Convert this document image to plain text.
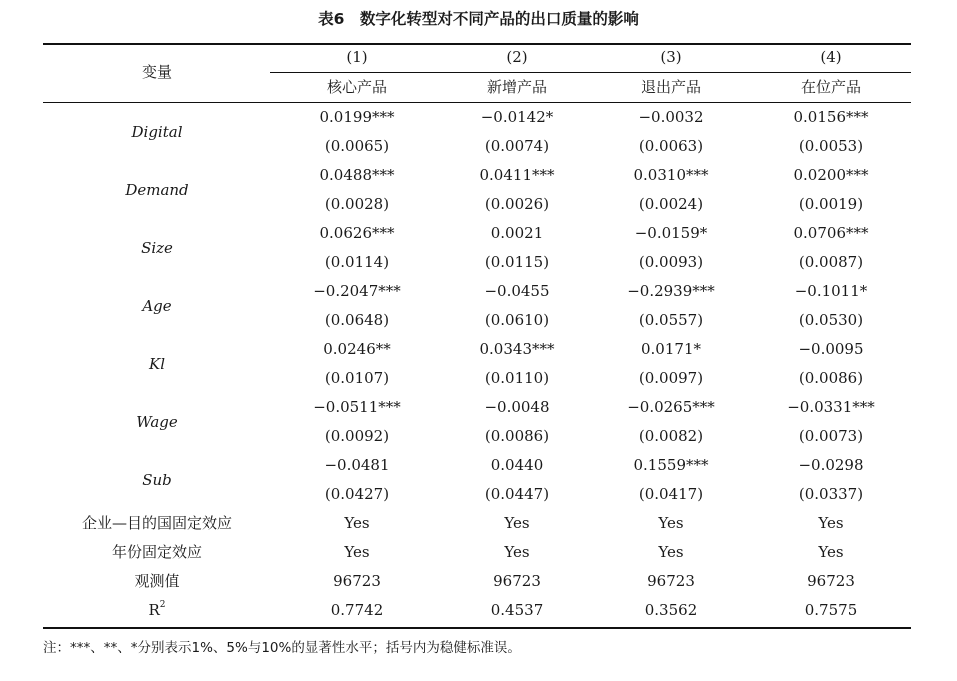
表6　数字化转型对不同产品的出口质量的影响
变量
(1)	(2)	(3)	(4)
核心产品	新增产品	退出产品	在位产品
Digital
0.0199***	−0.0142*	−0.0032	0.0156***
(0.0065)	(0.0074)	(0.0063)	(0.0053)
Demand
0.0488***	0.0411***	0.0310***	0.0200***
(0.0028)	(0.0026)	(0.0024)	(0.0019)
Size
0.0626***	0.0021	−0.0159*	0.0706***
(0.0114)	(0.0115)	(0.0093)	(0.0087)
Age
−0.2047***	−0.0455	−0.2939***	−0.1011*
(0.0648)	(0.0610)	(0.0557)	(0.0530)
Kl
0.0246**	0.0343***	0.0171*	−0.0095
(0.0107)	(0.0110)	(0.0097)	(0.0086)
Wage
−0.0511***	−0.0048	−0.0265***	−0.0331***
(0.0092)	(0.0086)	(0.0082)	(0.0073)
Sub
−0.0481	0.0440	0.1559***	−0.0298
(0.0427)	(0.0447)	(0.0417)	(0.0337)
企业—目的国固定效应	Yes	Yes	Yes	Yes
年份固定效应	Yes	Yes	Yes	Yes
观测值	96723	96723	96723	96723
$R^2$	0.7742	0.4537	0.3562	0.7575
注：***、**、*分别表示1%、5%与10%的显著性水平；括号内为稳健标准误。
